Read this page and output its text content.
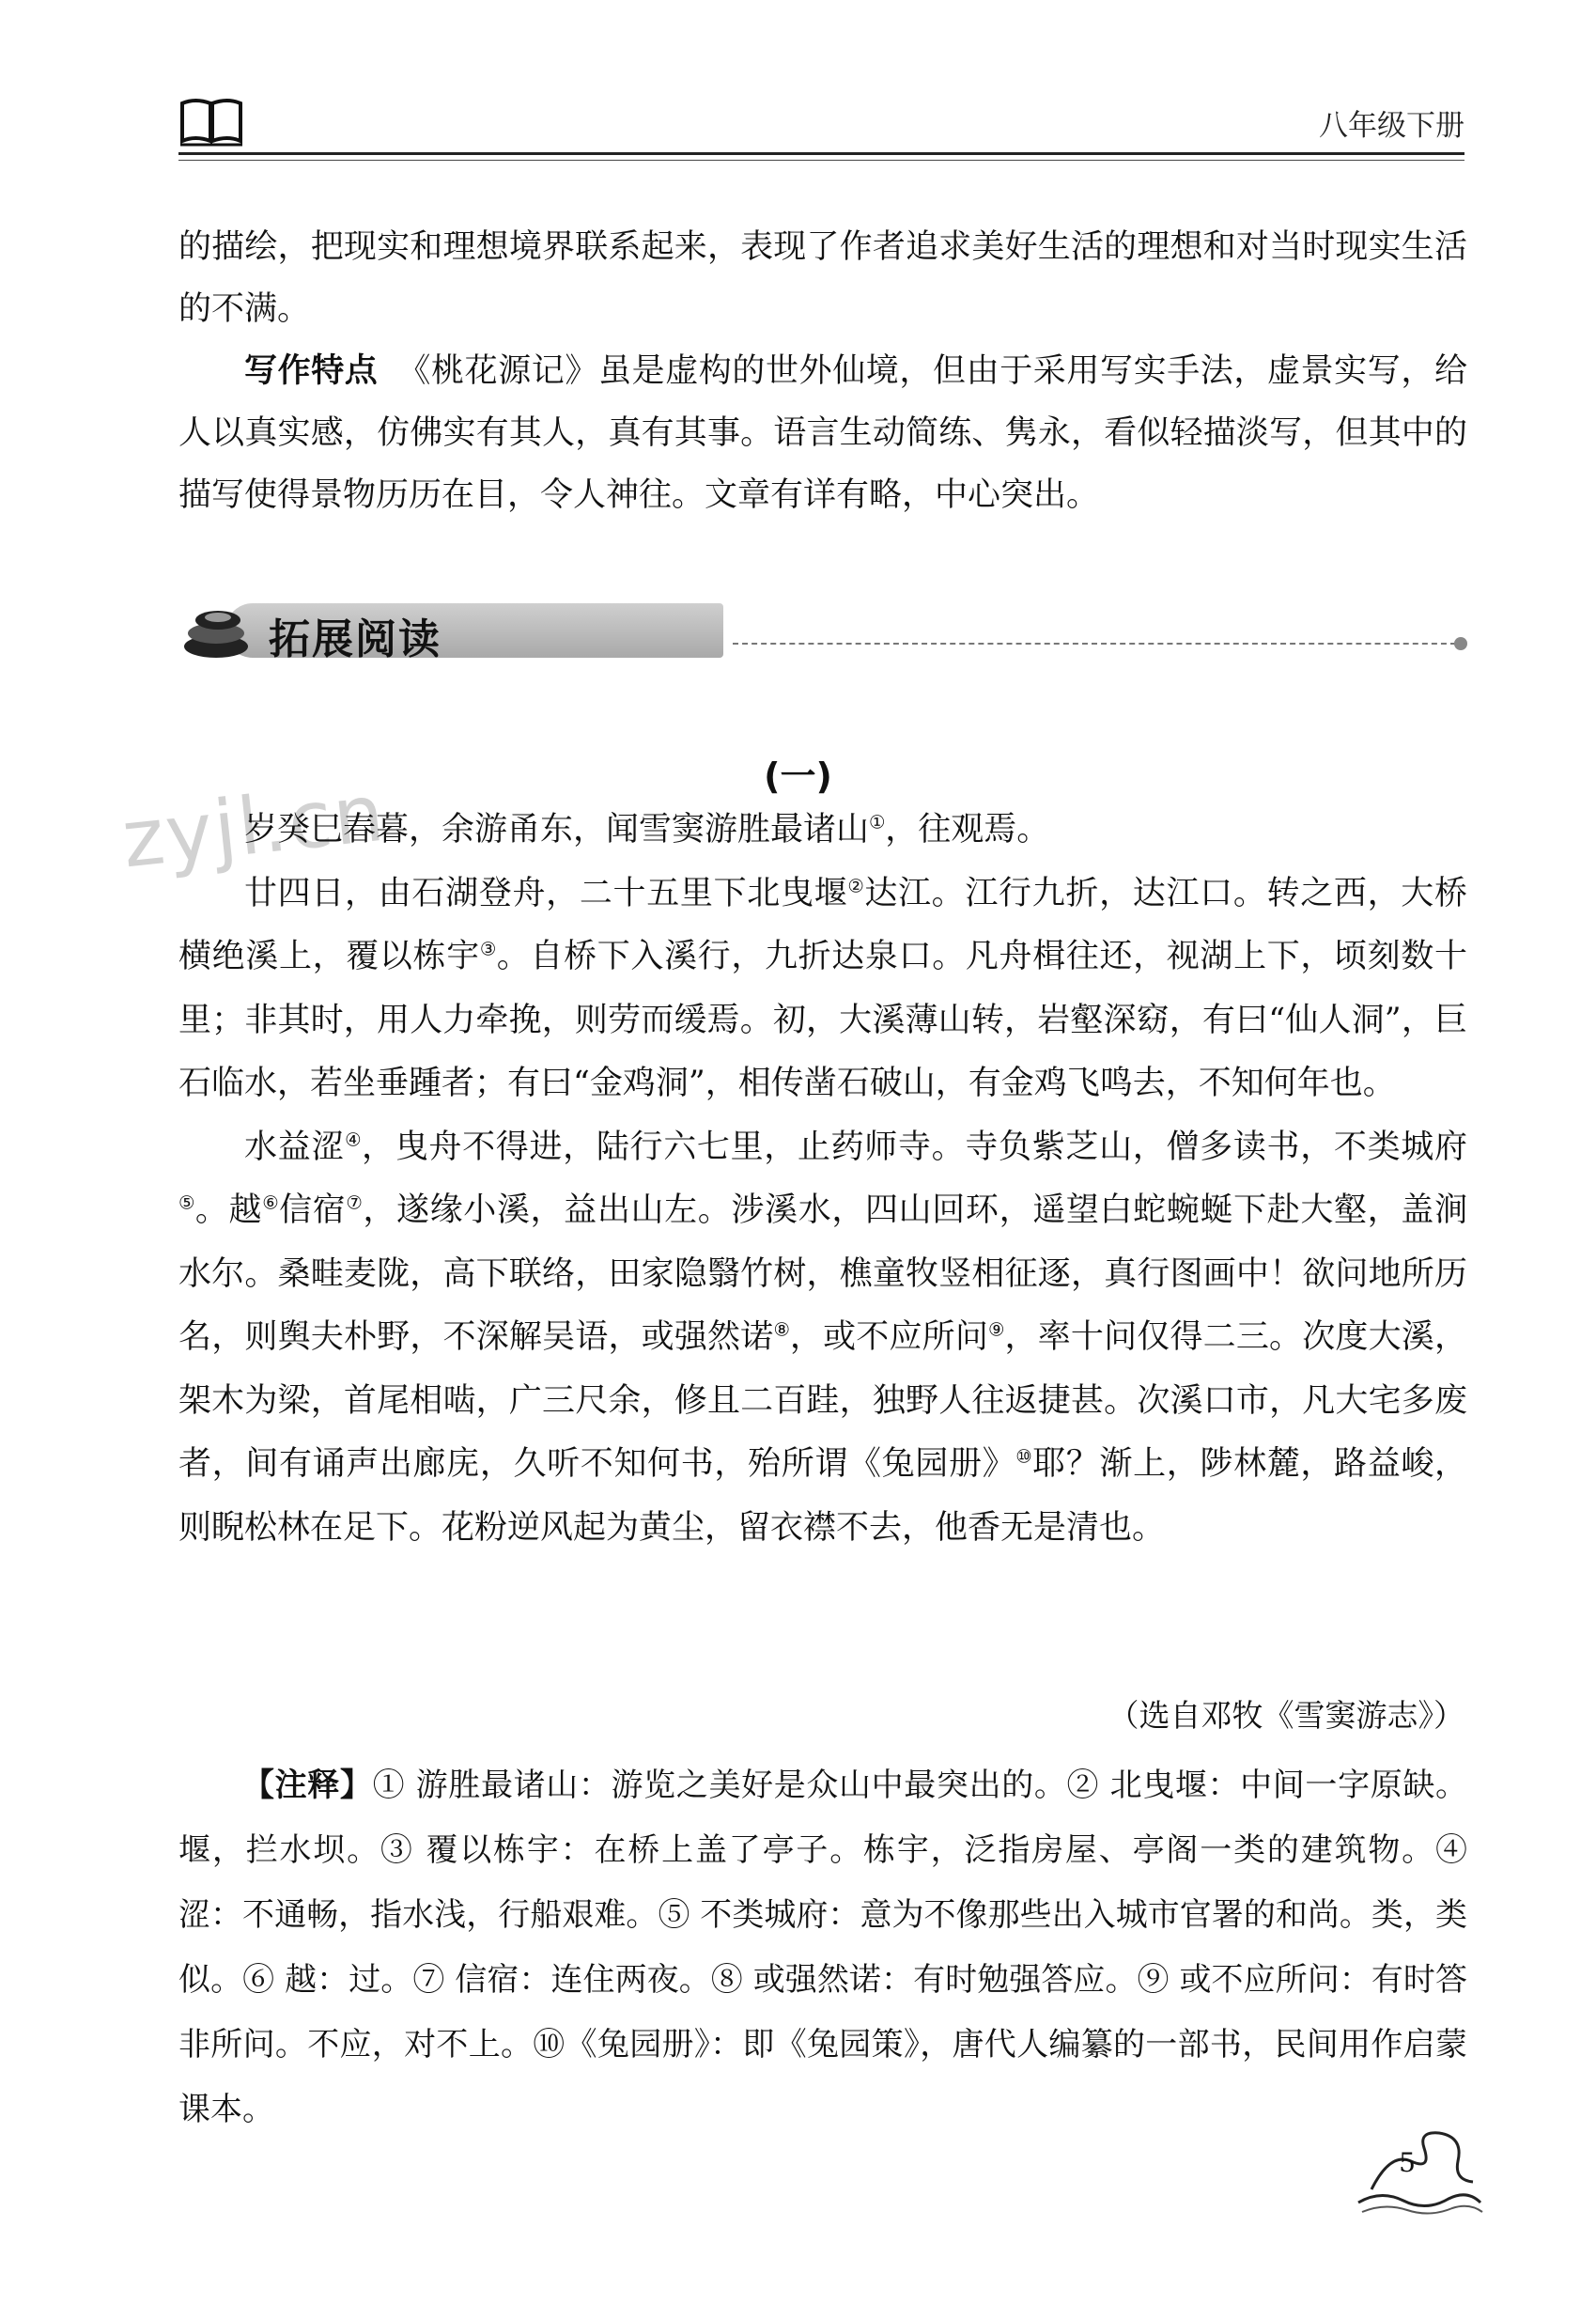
八年级下册

的描绘，把现实和理想境界联系起来，表现了作者追求美好生活的理想和对当时现实生活的不满。

写作特点 《桃花源记》虽是虚构的世外仙境，但由于采用写实手法，虚景实写，给人以真实感，仿佛实有其人，真有其事。语言生动简练、隽永，看似轻描淡写，但其中的描写使得景物历历在目，令人神往。文章有详有略，中心突出。

拓展阅读
(一)
zyjl.cn

岁癸巳春暮，余游甬东，闻雪窦游胜最诸山①，往观焉。

廿四日，由石湖登舟，二十五里下北曳堰②达江。江行九折，达江口。转之西，大桥横绝溪上，覆以栋宇③。自桥下入溪行，九折达泉口。凡舟楫往还，视湖上下，顷刻数十里；非其时，用人力牵挽，则劳而缓焉。初，大溪薄山转，岩壑深窈，有曰“仙人洞”，巨石临水，若坐垂踵者；有曰“金鸡洞”，相传凿石破山，有金鸡飞鸣去，不知何年也。

水益涩④，曳舟不得进，陆行六七里，止药师寺。寺负紫芝山，僧多读书，不类城府⑤。越⑥信宿⑦，遂缘小溪，益出山左。涉溪水，四山回环，遥望白蛇蜿蜒下赴大壑，盖涧水尔。桑畦麦陇，高下联络，田家隐翳竹树，樵童牧竖相征逐，真行图画中！欲问地所历名，则舆夫朴野，不深解吴语，或强然诺⑧，或不应所问⑨，率十问仅得二三。次度大溪，架木为梁，首尾相啮，广三尺余，修且二百跬，独野人往返捷甚。次溪口市，凡大宅多废者，间有诵声出廊庑，久听不知何书，殆所谓《兔园册》⑩耶？渐上，陟林麓，路益峻，则睨松林在足下。花粉逆风起为黄尘，留衣襟不去，他香无是清也。

（选自邓牧《雪窦游志》）

【注释】① 游胜最诸山：游览之美好是众山中最突出的。② 北曳堰：中间一字原缺。堰，拦水坝。③ 覆以栋宇：在桥上盖了亭子。栋宇，泛指房屋、亭阁一类的建筑物。④ 涩：不通畅，指水浅，行船艰难。⑤ 不类城府：意为不像那些出入城市官署的和尚。类，类似。⑥ 越：过。⑦ 信宿：连住两夜。⑧ 或强然诺：有时勉强答应。⑨ 或不应所问：有时答非所问。不应，对不上。⑩《兔园册》：即《兔园策》，唐代人编纂的一部书，民间用作启蒙课本。

5
